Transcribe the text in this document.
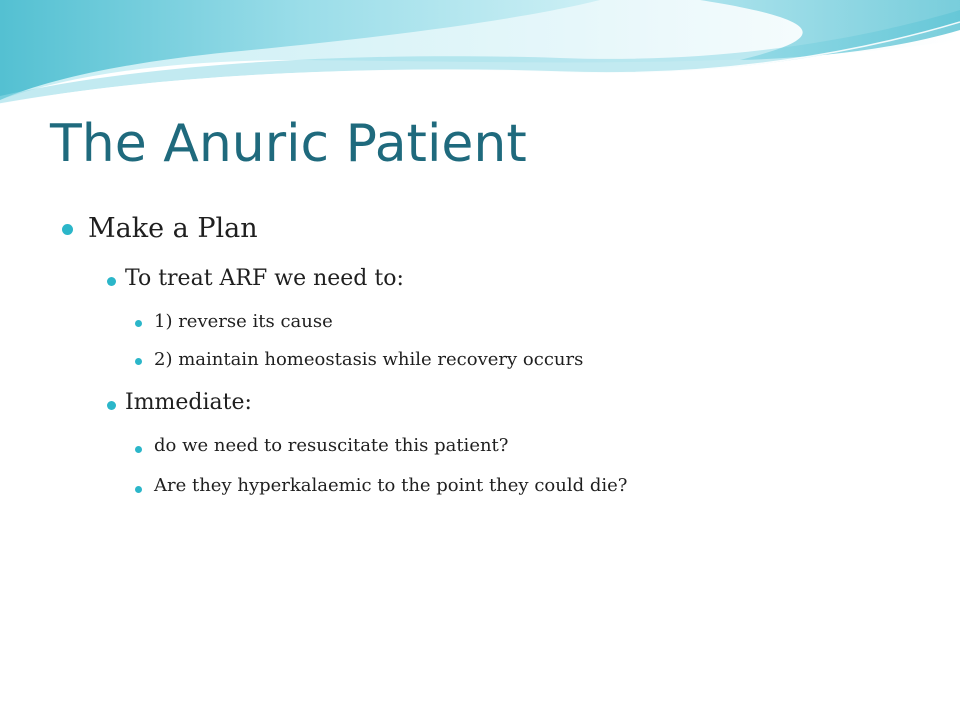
The Anuric Patient
Make a Plan
To treat ARF we need to:
1) reverse its cause
2) maintain homeostasis while recovery occurs
Immediate:
do we need to resuscitate this patient?
Are they hyperkalaemic to the point they could die?
